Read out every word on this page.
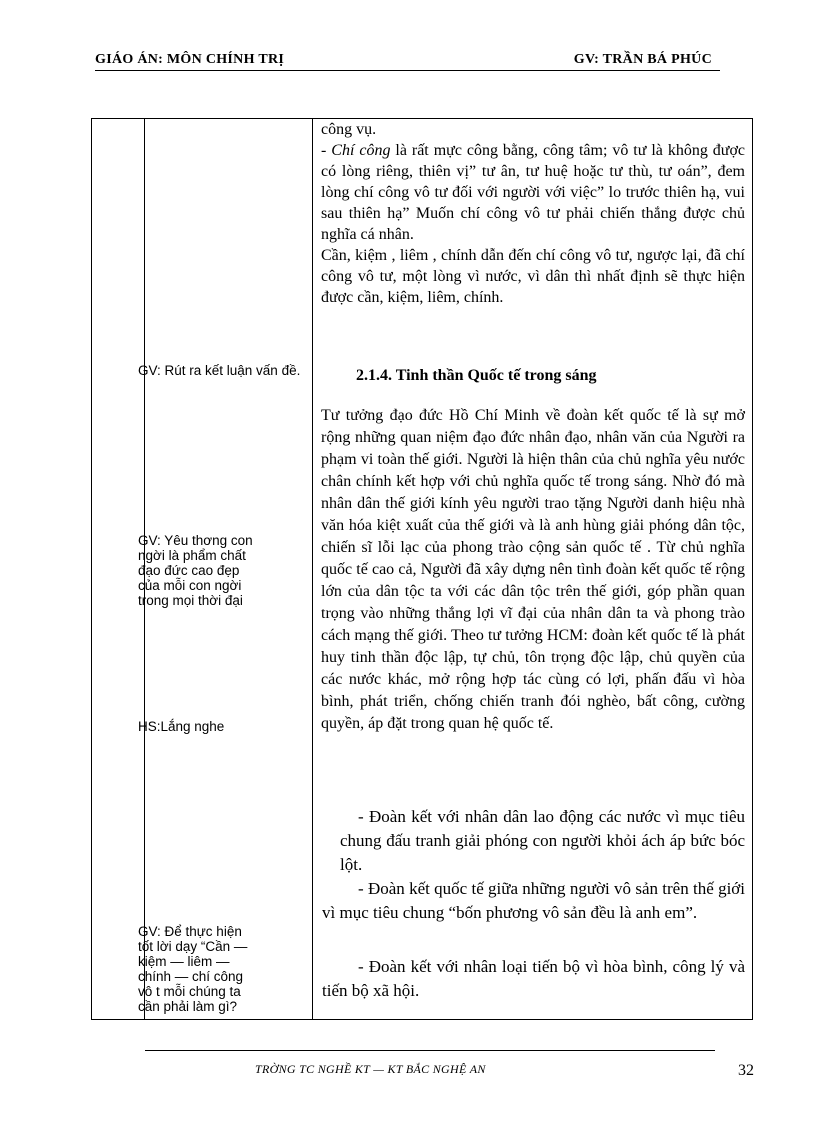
GIÁO ÁN: MÔN CHÍNH TRỊ	GV: TRẦN BÁ PHÚC
GV: Rút ra kết luận vấn đề.
GV: Yêu thơng con ngời là phẩm chất đạo đức cao đẹp của mỗi con ngời trong mọi thời đại
HS:Lắng nghe
GV: Để thực hiện tốt lời dạy “Cần — kiệm — liêm — chính — chí công vô t mỗi chúng ta cần phải làm gì?

công vụ.

- Chí công là rất mực công bằng, công tâm; vô tư là không được có lòng riêng, thiên vị” tư ân, tư huệ hoặc tư thù, tư oán”, đem lòng chí công vô tư đối với người với việc” lo trước thiên hạ, vui sau thiên hạ” Muốn chí công vô tư phải chiến thắng được chủ nghĩa cá nhân.

Cần, kiệm , liêm , chính dẫn đến chí công vô tư, ngược lại, đã chí công vô tư, một lòng vì nước, vì dân thì nhất định sẽ thực hiện được cần, kiệm, liêm, chính.

2.1.4. Tinh thần Quốc tế trong sáng
Tư tưởng đạo đức Hồ Chí Minh về đoàn kết quốc tế là sự mở rộng những quan niệm đạo đức nhân đạo, nhân văn của Người ra phạm vi toàn thế giới. Người là hiện thân của chủ nghĩa yêu nước chân chính kết hợp với chủ nghĩa quốc tế trong sáng. Nhờ đó mà nhân dân thế giới kính yêu người trao tặng Người danh hiệu nhà văn hóa kiệt xuất của thế giới và là anh hùng giải phóng dân tộc, chiến sĩ lỗi lạc của phong trào cộng sản quốc tế . Từ chủ nghĩa quốc tế cao cả, Người đã xây dựng nên tình đoàn kết quốc tế rộng lớn của dân tộc ta với các dân tộc trên thế giới, góp phần quan trọng vào những thắng lợi vĩ đại của nhân dân ta và phong trào cách mạng thế giới. Theo tư tưởng HCM: đoàn kết quốc tế là phát huy tinh thần độc lập, tự chủ, tôn trọng độc lập, chủ quyền của các nước khác, mở rộng hợp tác cùng có lợi, phấn đấu vì hòa bình, phát triển, chống chiến tranh đói nghèo, bất công, cường quyền, áp đặt trong quan hệ quốc tế.
- Đoàn kết với nhân dân lao động các nước vì mục tiêu chung đấu tranh giải phóng con người khỏi ách áp bức bóc lột.
- Đoàn kết quốc tế giữa những người vô sản trên thế giới vì mục tiêu chung “bốn phương vô sản đều là anh em”.
- Đoàn kết với nhân loại tiến bộ vì hòa bình, công lý và tiến bộ xã hội.
TRỜNG TC NGHỀ KT — KT BẮC NGHỆ AN	32
